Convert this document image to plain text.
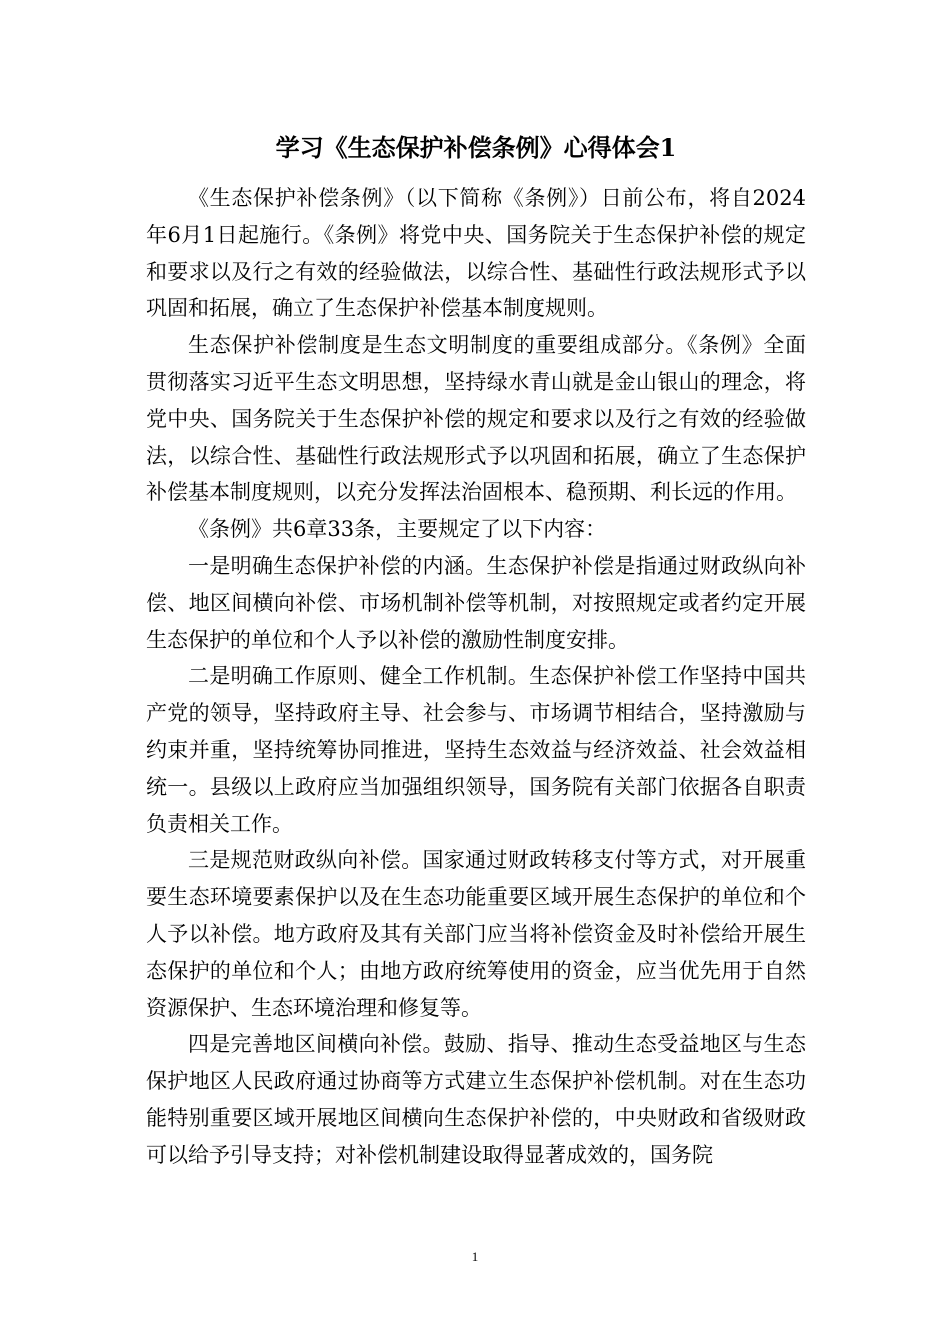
学习《生态保护补偿条例》心得体会1

《生态保护补偿条例》（以下简称《条例》）日前公布，将自2024年6月1日起施行。《条例》将党中央、国务院关于生态保护补偿的规定和要求以及行之有效的经验做法，以综合性、基础性行政法规形式予以巩固和拓展，确立了生态保护补偿基本制度规则。

生态保护补偿制度是生态文明制度的重要组成部分。《条例》全面贯彻落实习近平生态文明思想，坚持绿水青山就是金山银山的理念，将党中央、国务院关于生态保护补偿的规定和要求以及行之有效的经验做法，以综合性、基础性行政法规形式予以巩固和拓展，确立了生态保护补偿基本制度规则，以充分发挥法治固根本、稳预期、利长远的作用。

《条例》共6章33条，主要规定了以下内容：

一是明确生态保护补偿的内涵。生态保护补偿是指通过财政纵向补偿、地区间横向补偿、市场机制补偿等机制，对按照规定或者约定开展生态保护的单位和个人予以补偿的激励性制度安排。

二是明确工作原则、健全工作机制。生态保护补偿工作坚持中国共产党的领导，坚持政府主导、社会参与、市场调节相结合，坚持激励与约束并重，坚持统筹协同推进，坚持生态效益与经济效益、社会效益相统一。县级以上政府应当加强组织领导，国务院有关部门依据各自职责负责相关工作。

三是规范财政纵向补偿。国家通过财政转移支付等方式，对开展重要生态环境要素保护以及在生态功能重要区域开展生态保护的单位和个人予以补偿。地方政府及其有关部门应当将补偿资金及时补偿给开展生态保护的单位和个人；由地方政府统筹使用的资金，应当优先用于自然资源保护、生态环境治理和修复等。

四是完善地区间横向补偿。鼓励、指导、推动生态受益地区与生态保护地区人民政府通过协商等方式建立生态保护补偿机制。对在生态功能特别重要区域开展地区间横向生态保护补偿的，中央财政和省级财政可以给予引导支持；对补偿机制建设取得显著成效的，国务院

1
